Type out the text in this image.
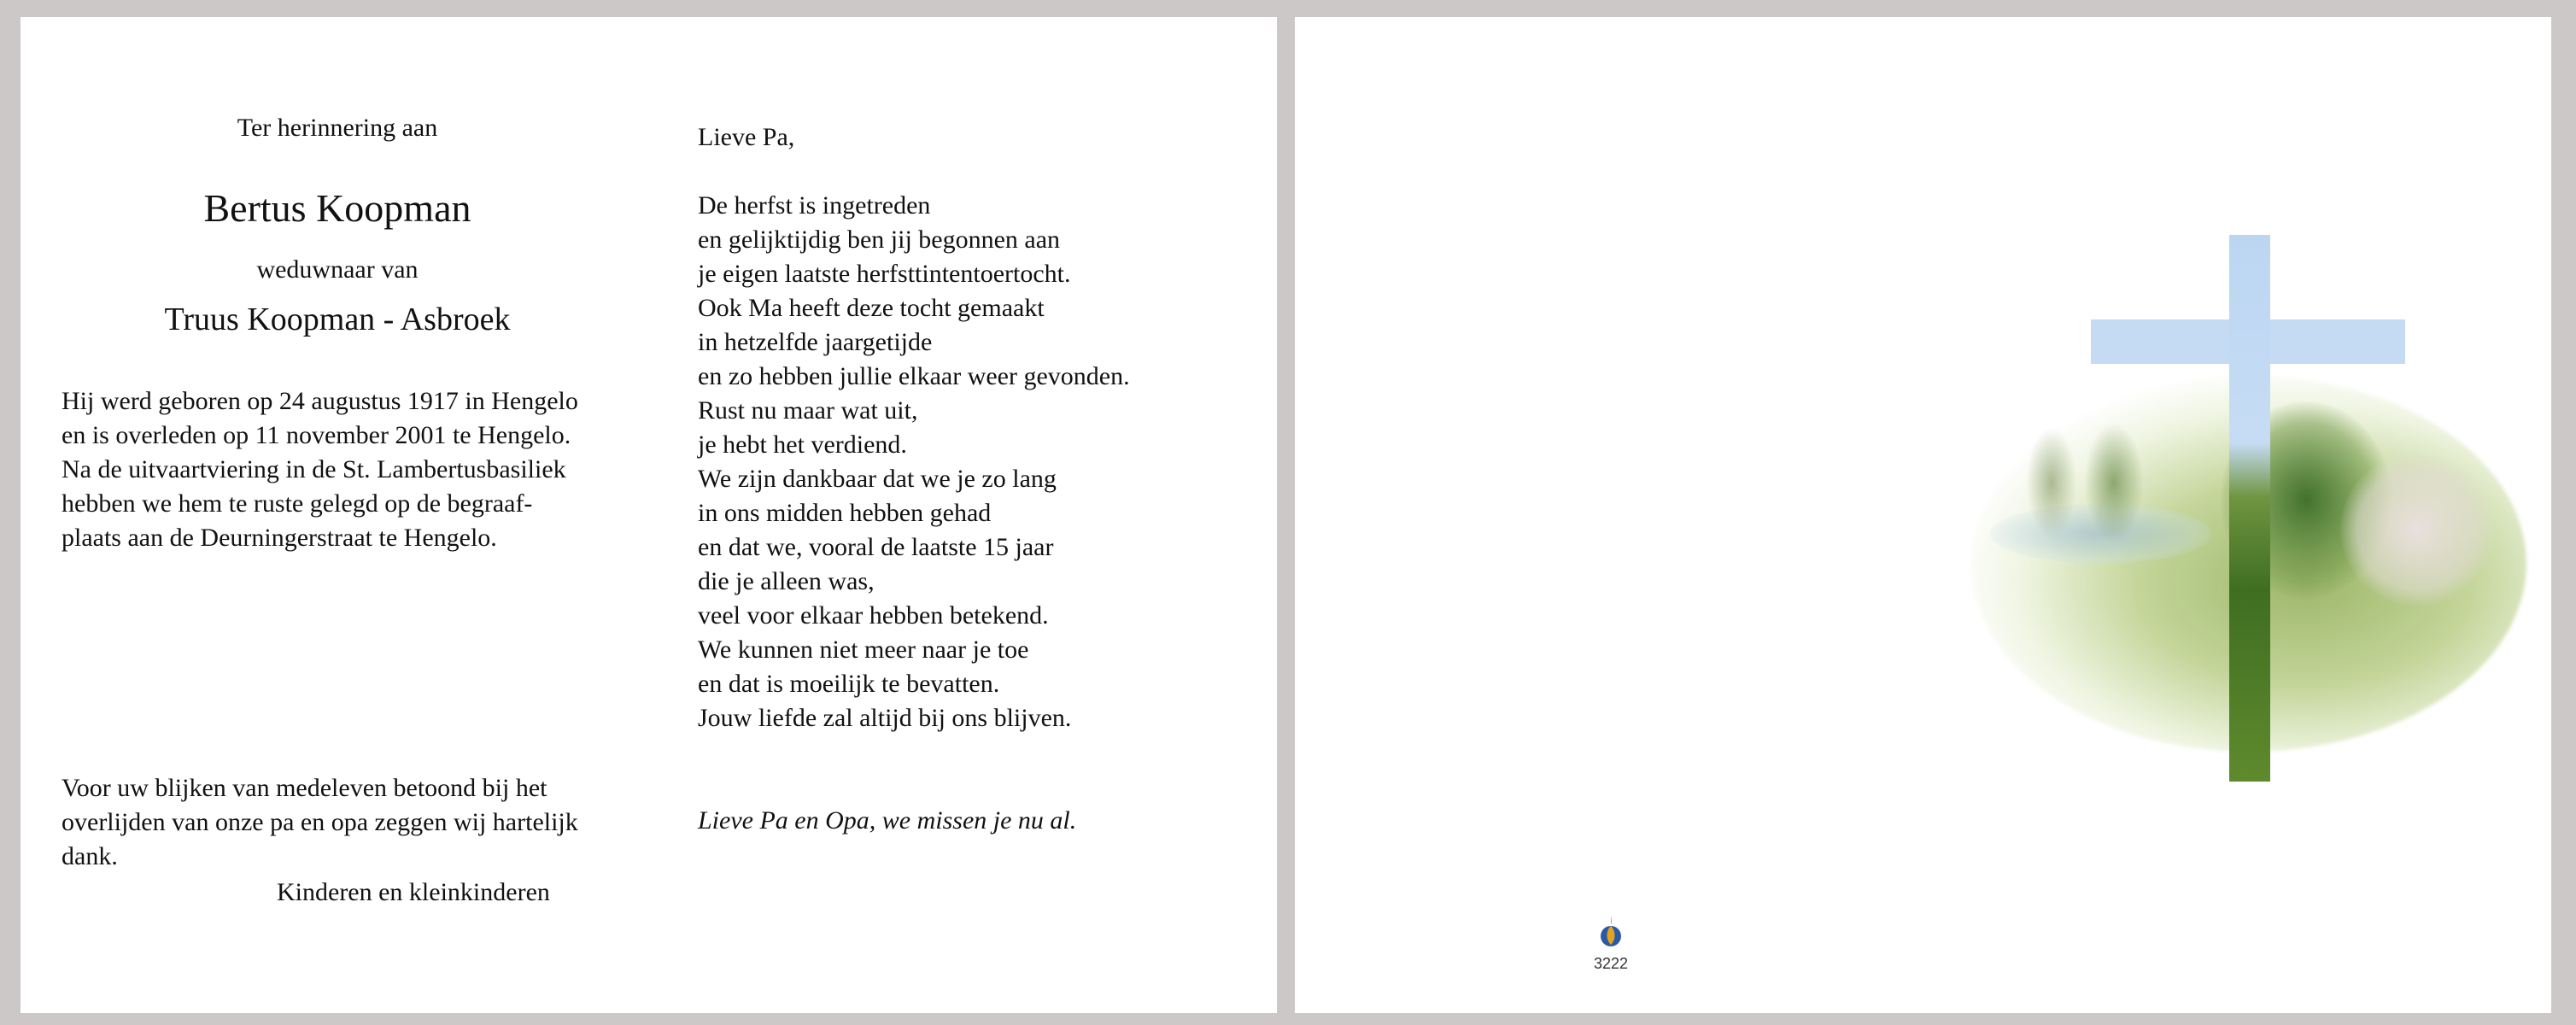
Ter herinnering aan
Bertus Koopman
weduwnaar van
Truus Koopman - Asbroek
Hij werd geboren op 24 augustus 1917 in Hengelo
en is overleden op 11 november 2001 te Hengelo.
Na de uitvaartviering in de St. Lambertusbasiliek
hebben we hem te ruste gelegd op de begraaf-
plaats aan de Deurningerstraat te Hengelo.
Voor uw blijken van medeleven betoond bij het
overlijden van onze pa en opa zeggen wij hartelijk
dank.
Kinderen en kleinkinderen
Lieve Pa,
De herfst is ingetreden
en gelijktijdig ben jij begonnen aan
je eigen laatste herfsttintentoertocht.
Ook Ma heeft deze tocht gemaakt
in hetzelfde jaargetijde
en zo hebben jullie elkaar weer gevonden.
Rust nu maar wat uit,
je hebt het verdiend.
We zijn dankbaar dat we je zo lang
in ons midden hebben gehad
en dat we, vooral de laatste 15 jaar
die je alleen was,
veel voor elkaar hebben betekend.
We kunnen niet meer naar je toe
en dat is moeilijk te bevatten.
Jouw liefde zal altijd bij ons blijven.
Lieve Pa en Opa, we missen je nu al.
3222
